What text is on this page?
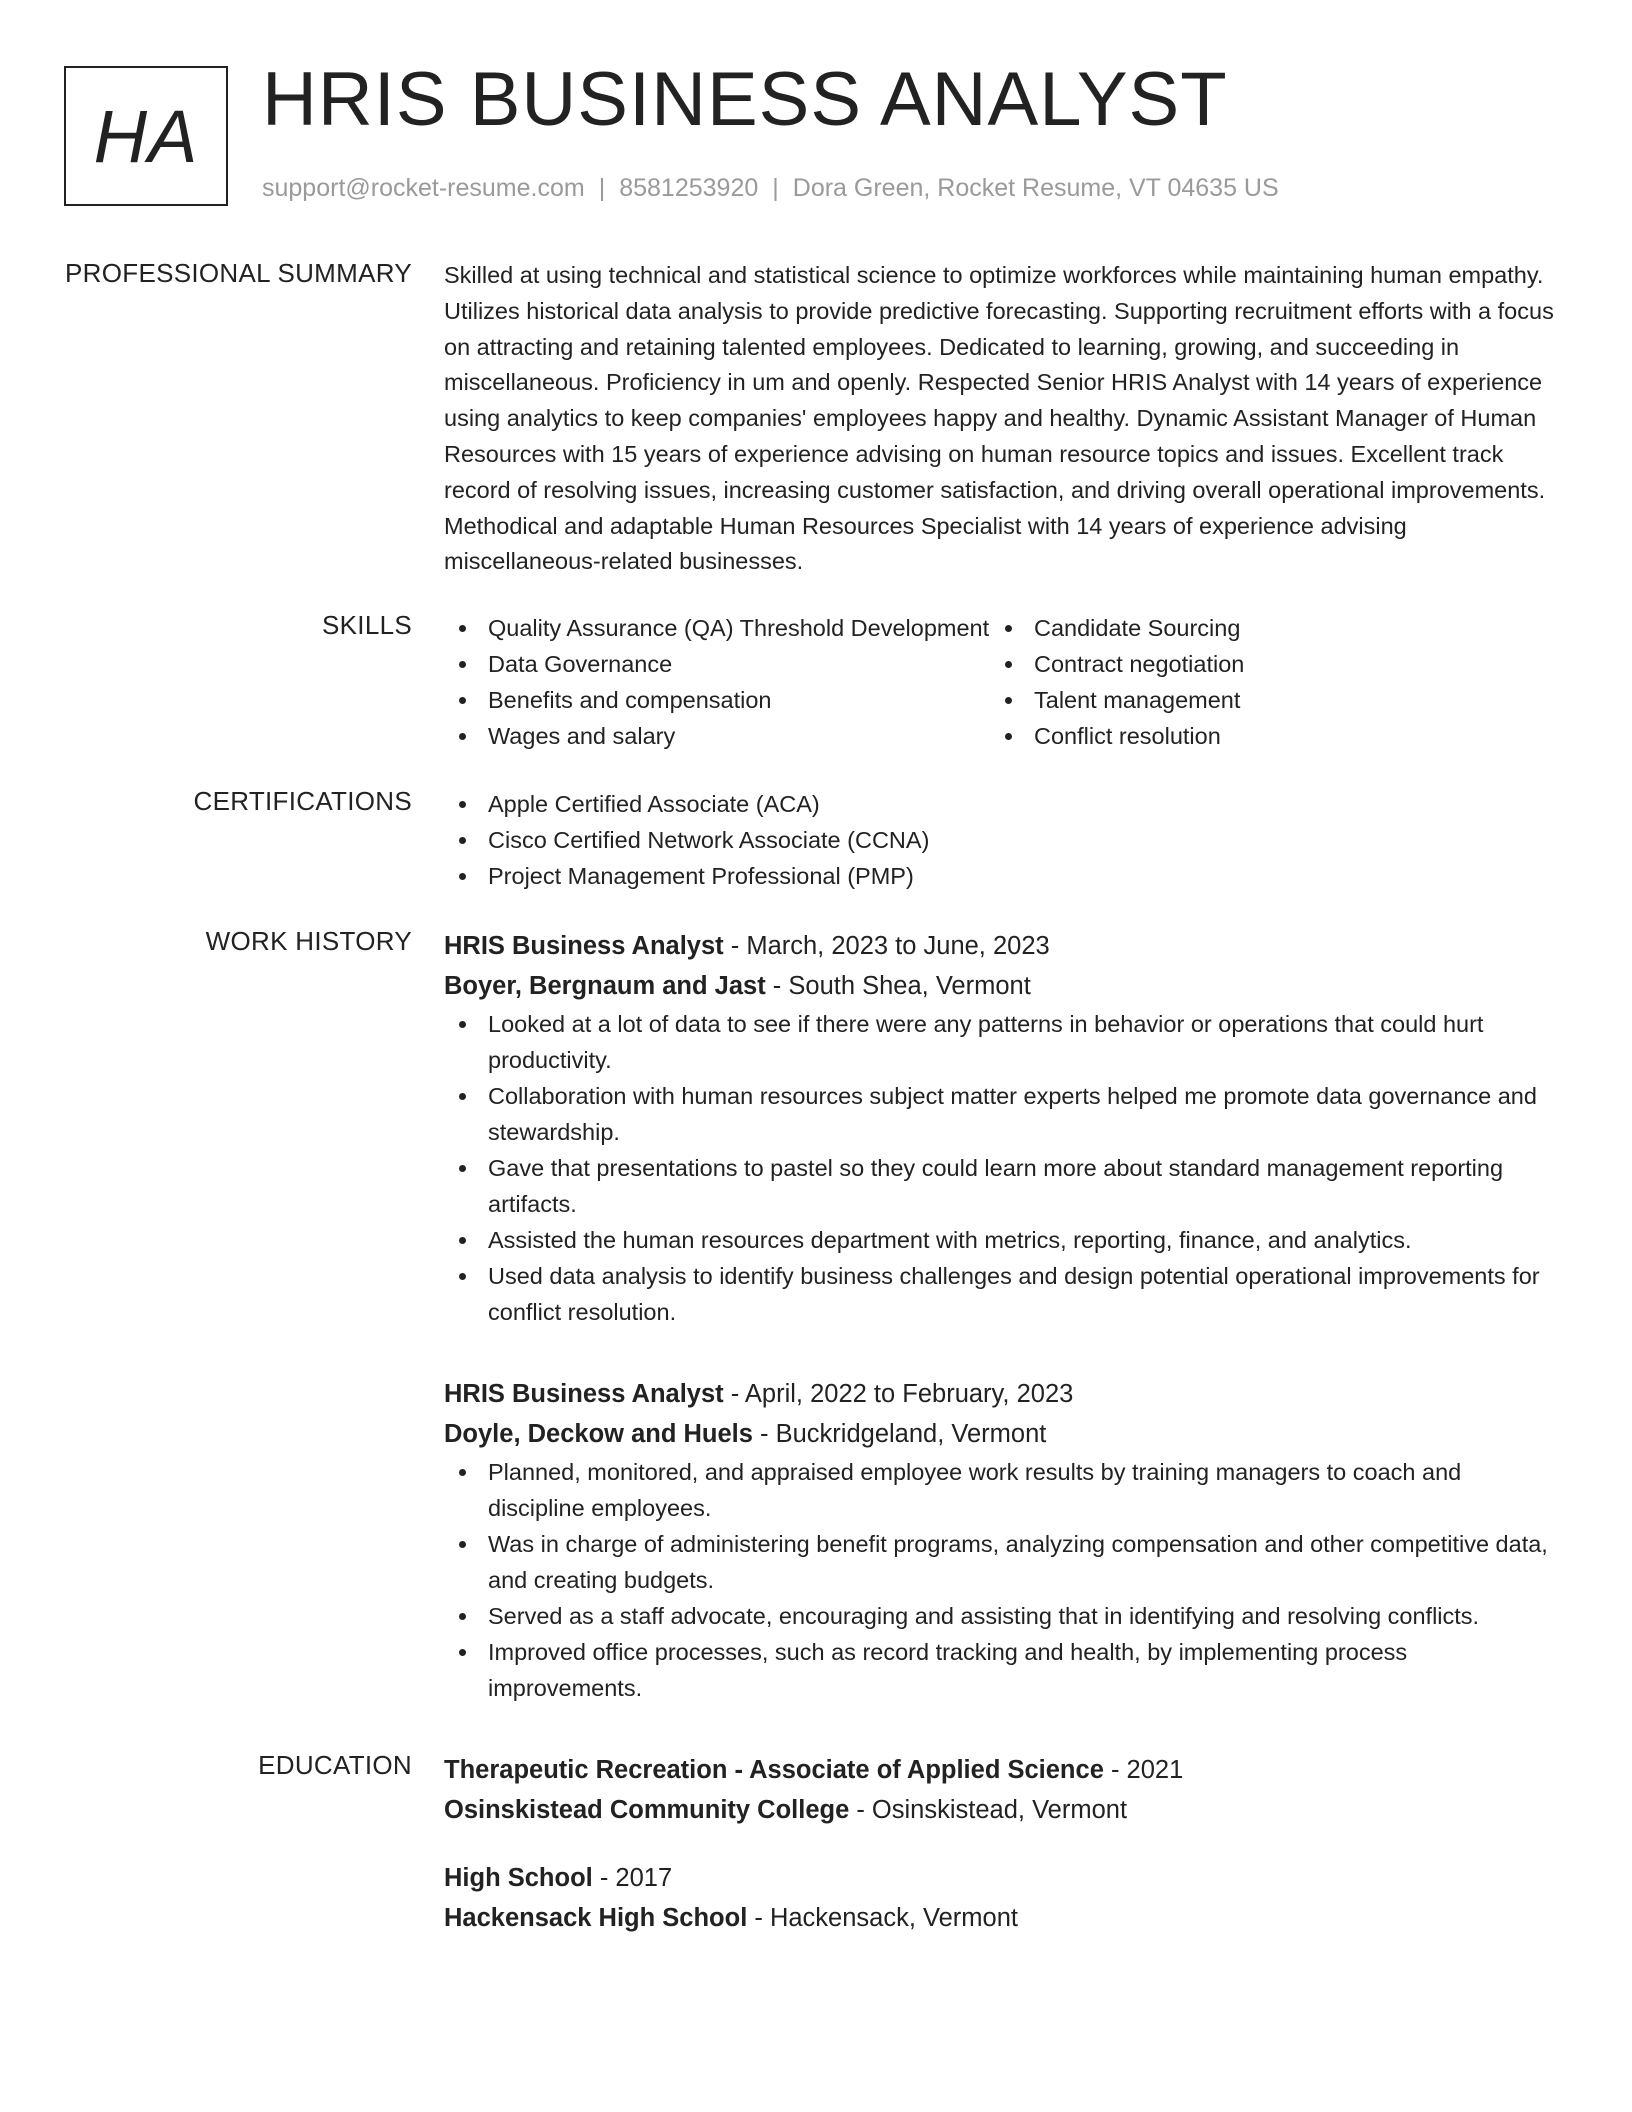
HA HRIS BUSINESS ANALYST
support@rocket-resume.com | 8581253920 | Dora Green, Rocket Resume, VT 04635 US
PROFESSIONAL SUMMARY Skilled at using technical and statistical science to optimize workforces while maintaining human empathy. Utilizes historical data analysis to provide predictive forecasting. Supporting recruitment efforts with a focus on attracting and retaining talented employees. Dedicated to learning, growing, and succeeding in miscellaneous. Proficiency in um and openly. Respected Senior HRIS Analyst with 14 years of experience using analytics to keep companies' employees happy and healthy. Dynamic Assistant Manager of Human Resources with 15 years of experience advising on human resource topics and issues. Excellent track record of resolving issues, increasing customer satisfaction, and driving overall operational improvements. Methodical and adaptable Human Resources Specialist with 14 years of experience advising miscellaneous-related businesses.

SKILLS	Quality Assurance (QA) Threshold Development
Data Governance
Benefits and compensation
Wages and salary
Candidate Sourcing
Contract negotiation
Talent management
Conflict resolution
CERTIFICATIONS	Apple Certified Associate (ACA)
Cisco Certified Network Associate (CCNA)
Project Management Professional (PMP)
WORK HISTORY HRIS Business Analyst - March, 2023 to June, 2023
Boyer, Bergnaum and Jast - South Shea, Vermont
Looked at a lot of data to see if there were any patterns in behavior or operations that could hurt productivity.
Collaboration with human resources subject matter experts helped me promote data governance and stewardship.
Gave that presentations to pastel so they could learn more about standard management reporting artifacts.
Assisted the human resources department with metrics, reporting, finance, and analytics.
Used data analysis to identify business challenges and design potential operational improvements for conflict resolution.
HRIS Business Analyst - April, 2022 to February, 2023
Doyle, Deckow and Huels - Buckridgeland, Vermont
Planned, monitored, and appraised employee work results by training managers to coach and discipline employees.
Was in charge of administering benefit programs, analyzing compensation and other competitive data, and creating budgets.
Served as a staff advocate, encouraging and assisting that in identifying and resolving conflicts.
Improved office processes, such as record tracking and health, by implementing process improvements.
EDUCATION Therapeutic Recreation - Associate of Applied Science - 2021
Osinskistead Community College - Osinskistead, Vermont
High School - 2017
Hackensack High School - Hackensack, Vermont
